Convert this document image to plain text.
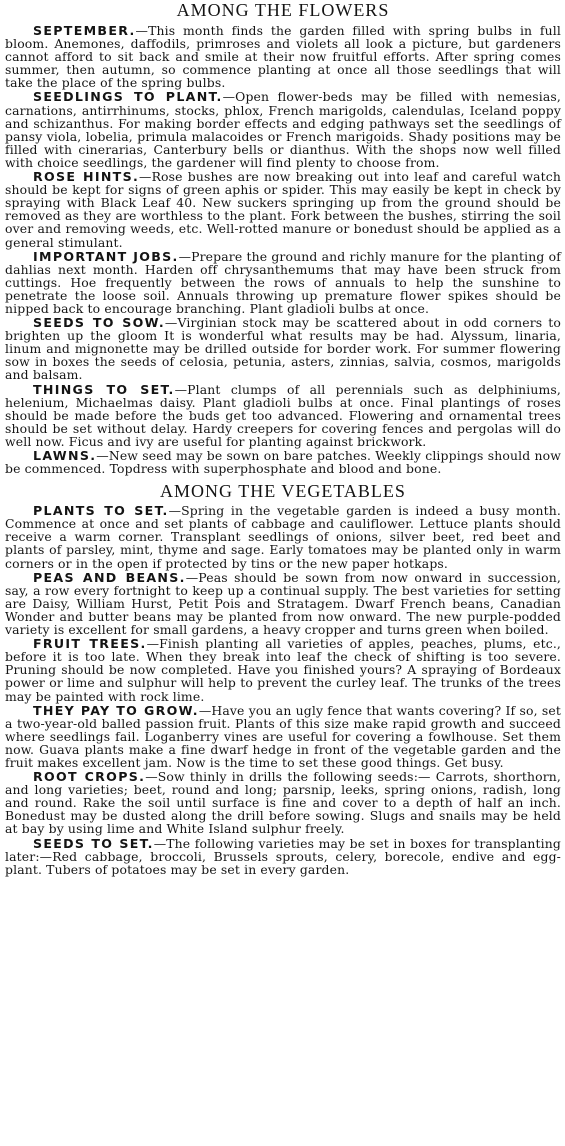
AMONG THE FLOWERS

SEPTEMBER.—This month finds the garden filled with spring bulbs in full bloom. Anemones, daffodils, primroses and violets all look a picture, but gardeners cannot afford to sit back and smile at their now fruitful efforts. After spring comes summer, then autumn, so commence planting at once all those seedlings that will take the place of the spring bulbs.

SEEDLINGS TO PLANT.—Open flower-beds may be filled with nemesias, carnations, antirrhinums, stocks, phlox, French marigolds, calendulas, Iceland poppy and schizanthus. For making border effects and edging pathways set the seedlings of pansy viola, lobelia, primula malacoides or French marigoids. Shady positions may be filled with cinerarias, Canterbury bells or dianthus. With the shops now well filled with choice seedlings, the gardener will find plenty to choose from.

ROSE HINTS.—Rose bushes are now breaking out into leaf and careful watch should be kept for signs of green aphis or spider. This may easily be kept in check by spraying with Black Leaf 40. New suckers springing up from the ground should be removed as they are worthless to the plant. Fork between the bushes, stirring the soil over and removing weeds, etc. Well-rotted manure or bonedust should be applied as a general stimulant.

IMPORTANT JOBS.—Prepare the ground and richly manure for the planting of dahlias next month. Harden off chrysanthemums that may have been struck from cuttings. Hoe frequently between the rows of annuals to help the sunshine to penetrate the loose soil. Annuals throwing up premature flower spikes should be nipped back to encourage branching. Plant gladioli bulbs at once.

SEEDS TO SOW.—Virginian stock may be scattered about in odd corners to brighten up the gloom It is wonderful what results may be had. Alyssum, linaria, linum and mignonette may be drilled outside for border work. For summer flowering sow in boxes the seeds of celosia, petunia, asters, zinnias, salvia, cosmos, marigolds and balsam.

THINGS TO SET.—Plant clumps of all perennials such as delphiniums, helenium, Michaelmas daisy. Plant gladioli bulbs at once. Final plantings of roses should be made before the buds get too advanced. Flowering and ornamental trees should be set without delay. Hardy creepers for covering fences and pergolas will do well now. Ficus and ivy are useful for planting against brickwork.

LAWNS.—New seed may be sown on bare patches. Weekly clippings should now be commenced. Topdress with superphosphate and blood and bone.

AMONG THE VEGETABLES

PLANTS TO SET.—Spring in the vegetable garden is indeed a busy month. Commence at once and set plants of cabbage and cauliflower. Lettuce plants should receive a warm corner. Transplant seedlings of onions, silver beet, red beet and plants of parsley, mint, thyme and sage. Early tomatoes may be planted only in warm corners or in the open if protected by tins or the new paper hotkaps.

PEAS AND BEANS.—Peas should be sown from now onward in succession, say, a row every fortnight to keep up a continual supply. The best varieties for setting are Daisy, William Hurst, Petit Pois and Stratagem. Dwarf French beans, Canadian Wonder and butter beans may be planted from now onward. The new purple-podded variety is excellent for small gardens, a heavy cropper and turns green when boiled.

FRUIT TREES.—Finish planting all varieties of apples, peaches, plums, etc., before it is too late. When they break into leaf the check of shifting is too severe. Pruning should be now completed. Have you finished yours? A spraying of Bordeaux power or lime and sulphur will help to prevent the curley leaf. The trunks of the trees may be painted with rock lime.

THEY PAY TO GROW.—Have you an ugly fence that wants covering? If so, set a two-year-old balled passion fruit. Plants of this size make rapid growth and succeed where seedlings fail. Loganberry vines are useful for covering a fowlhouse. Set them now. Guava plants make a fine dwarf hedge in front of the vegetable garden and the fruit makes excellent jam. Now is the time to set these good things. Get busy.

ROOT CROPS.—Sow thinly in drills the following seeds:— Carrots, shorthorn, and long varieties; beet, round and long; parsnip, leeks, spring onions, radish, long and round. Rake the soil until surface is fine and cover to a depth of half an inch. Bonedust may be dusted along the drill before sowing. Slugs and snails may be held at bay by using lime and White Island sulphur freely.

SEEDS TO SET.—The following varieties may be set in boxes for transplanting later:—Red cabbage, broccoli, Brussels sprouts, celery, borecole, endive and egg-plant. Tubers of potatoes may be set in every garden.
